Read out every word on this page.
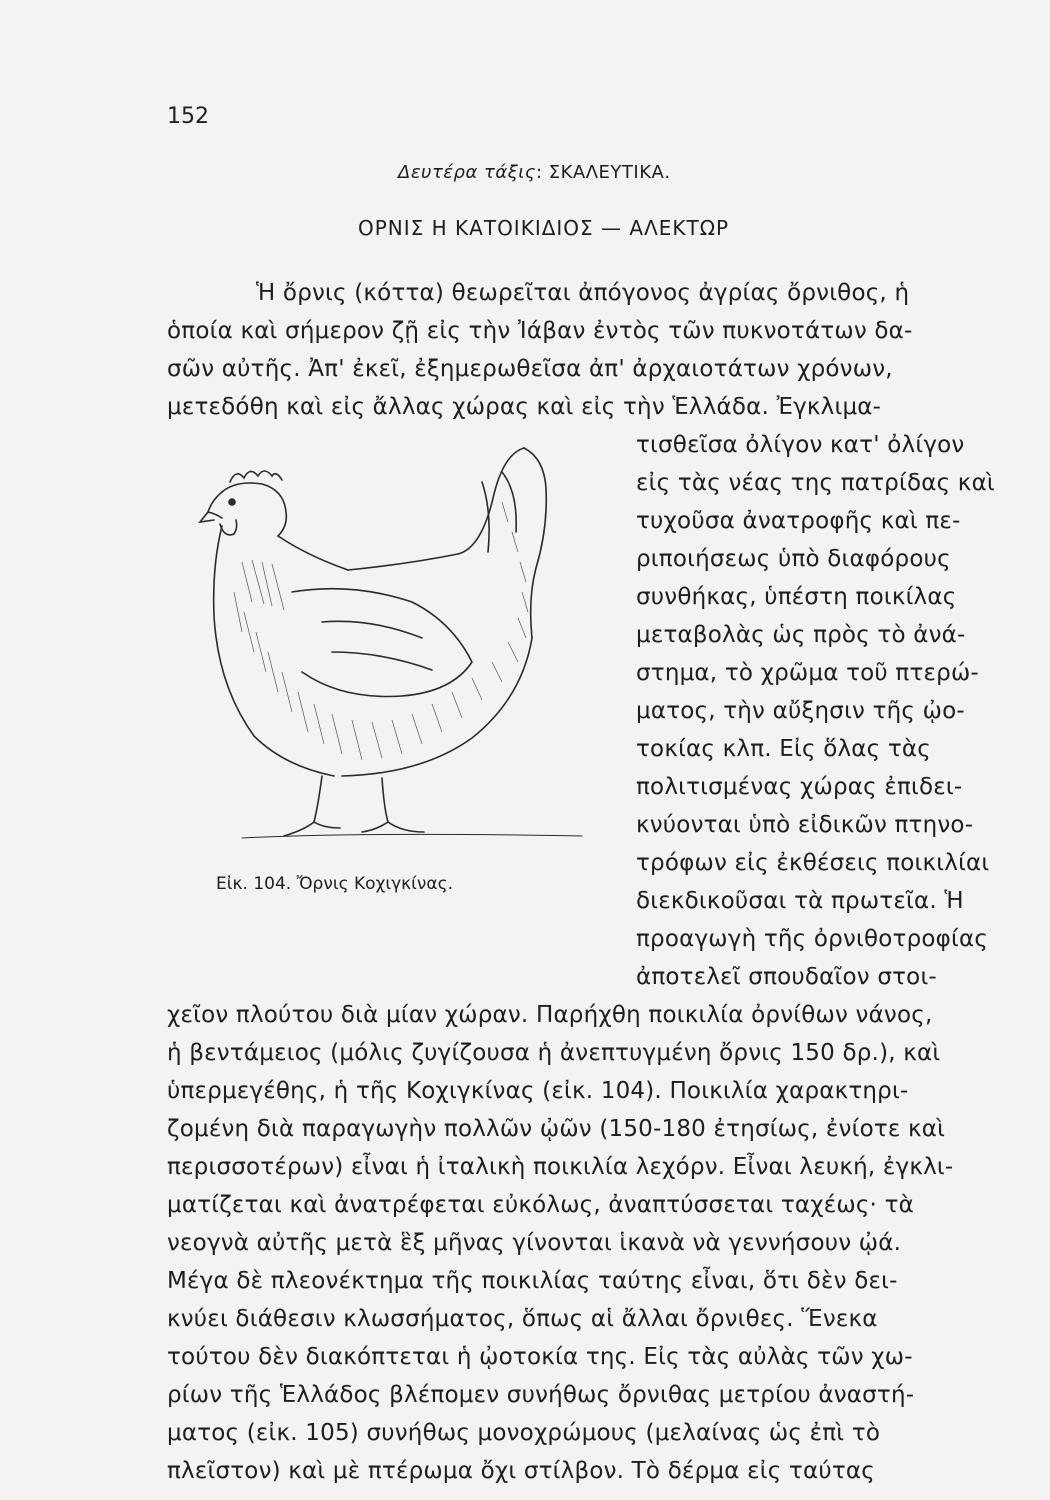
152
Δευτέρα τάξις: ΣΚΑΛΕΥΤΙΚΑ.
ΟΡΝΙΣ Η ΚΑΤΟΙΚΙΔΙΟΣ — ΑΛΕΚΤΩΡ
Ἡ ὄρνις (κόττα) θεωρεῖται ἀπόγονος ἀγρίας ὄρνιθος, ἡ
ὁποία καὶ σήμερον ζῇ εἰς τὴν Ἰάβαν ἐντὸς τῶν πυκνοτάτων δα-
σῶν αὐτῆς. Ἀπ' ἐκεῖ, ἐξημερωθεῖσα ἀπ' ἀρχαιοτάτων χρόνων,
μετεδόθη καὶ εἰς ἄλλας χώρας καὶ εἰς τὴν Ἑλλάδα. Ἐγκλιμα-
τισθεῖσα ὀλίγον κατ' ὀλίγον
εἰς τὰς νέας της πατρίδας καὶ
τυχοῦσα ἀνατροφῆς καὶ πε-
ριποιήσεως ὑπὸ διαφόρους
συνθήκας, ὑπέστη ποικίλας
μεταβολὰς ὡς πρὸς τὸ ἀνά-
στημα, τὸ χρῶμα τοῦ πτερώ-
ματος, τὴν αὔξησιν τῆς ᾠο-
τοκίας κλπ. Εἰς ὅλας τὰς
πολιτισμένας χώρας ἐπιδει-
κνύονται ὑπὸ εἰδικῶν πτηνο-
τρόφων εἰς ἐκθέσεις ποικιλίαι
διεκδικοῦσαι τὰ πρωτεῖα. Ἡ
προαγωγὴ τῆς ὀρνιθοτροφίας
ἀποτελεῖ σπουδαῖον στοι-
χεῖον πλούτου διὰ μίαν χώραν. Παρήχθη ποικιλία ὀρνίθων νάνος,
ἡ βεντάμειος (μόλις ζυγίζουσα ἡ ἀνεπτυγμένη ὄρνις 150 δρ.), καὶ
ὑπερμεγέθης, ἡ τῆς Κοχιγκίνας (εἰκ. 104). Ποικιλία χαρακτηρι-
ζομένη διὰ παραγωγὴν πολλῶν ᾠῶν (150-180 ἐτησίως, ἐνίοτε καὶ
περισσοτέρων) εἶναι ἡ ἰταλικὴ ποικιλία λεχόρν. Εἶναι λευκή, ἐγκλι-
ματίζεται καὶ ἀνατρέφεται εὐκόλως, ἀναπτύσσεται ταχέως· τὰ
νεογνὰ αὐτῆς μετὰ ἓξ μῆνας γίνονται ἱκανὰ νὰ γεννήσουν ᾠά.
Μέγα δὲ πλεονέκτημα τῆς ποικιλίας ταύτης εἶναι, ὅτι δὲν δει-
κνύει διάθεσιν κλωσσήματος, ὅπως αἱ ἄλλαι ὄρνιθες. Ἕνεκα
τούτου δὲν διακόπτεται ἡ ᾠοτοκία της. Εἰς τὰς αὐλὰς τῶν χω-
ρίων τῆς Ἑλλάδος βλέπομεν συνήθως ὄρνιθας μετρίου ἀναστή-
ματος (εἰκ. 105) συνήθως μονοχρώμους (μελαίνας ὡς ἐπὶ τὸ
πλεῖστον) καὶ μὲ πτέρωμα ὄχι στίλβον. Τὸ δέρμα εἰς ταύτας
Εἰκ. 104. Ὄρνις Κοχιγκίνας.
